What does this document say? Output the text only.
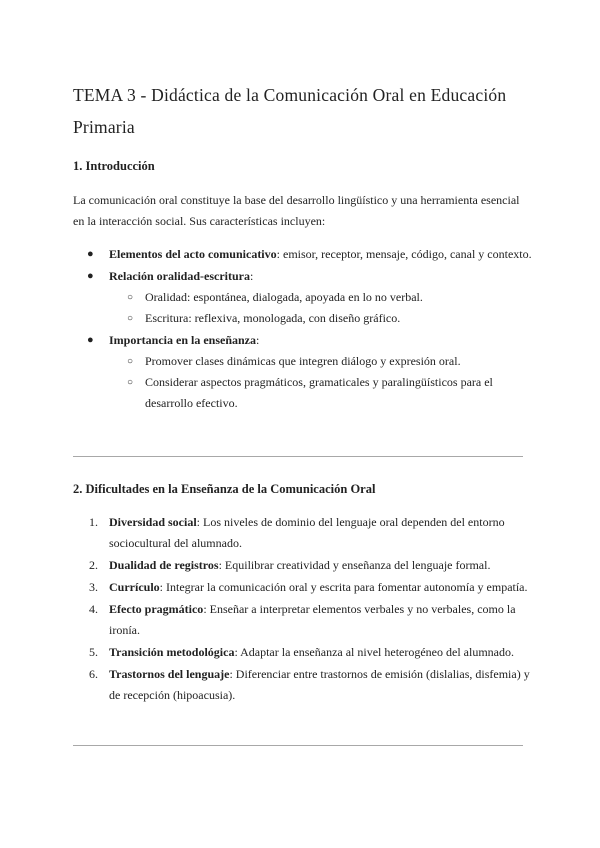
TEMA 3 - Didáctica de la Comunicación Oral en Educación Primaria
1. Introducción

La comunicación oral constituye la base del desarrollo lingüístico y una herramienta esencial en la interacción social. Sus características incluyen:

● Elementos del acto comunicativo: emisor, receptor, mensaje, código, canal y contexto.
● Relación oralidad-escritura:
○ Oralidad: espontánea, dialogada, apoyada en lo no verbal.
○ Escritura: reflexiva, monologada, con diseño gráfico.
● Importancia en la enseñanza:
○ Promover clases dinámicas que integren diálogo y expresión oral.
○ Considerar aspectos pragmáticos, gramaticales y paralingüísticos para el desarrollo efectivo.
2. Dificultades en la Enseñanza de la Comunicación Oral
1. Diversidad social: Los niveles de dominio del lenguaje oral dependen del entorno sociocultural del alumnado.
2. Dualidad de registros: Equilibrar creatividad y enseñanza del lenguaje formal.
3. Currículo: Integrar la comunicación oral y escrita para fomentar autonomía y empatía.
4. Efecto pragmático: Enseñar a interpretar elementos verbales y no verbales, como la ironía.
5. Transición metodológica: Adaptar la enseñanza al nivel heterogéneo del alumnado.
6. Trastornos del lenguaje: Diferenciar entre trastornos de emisión (dislalias, disfemia) y de recepción (hipoacusia).
